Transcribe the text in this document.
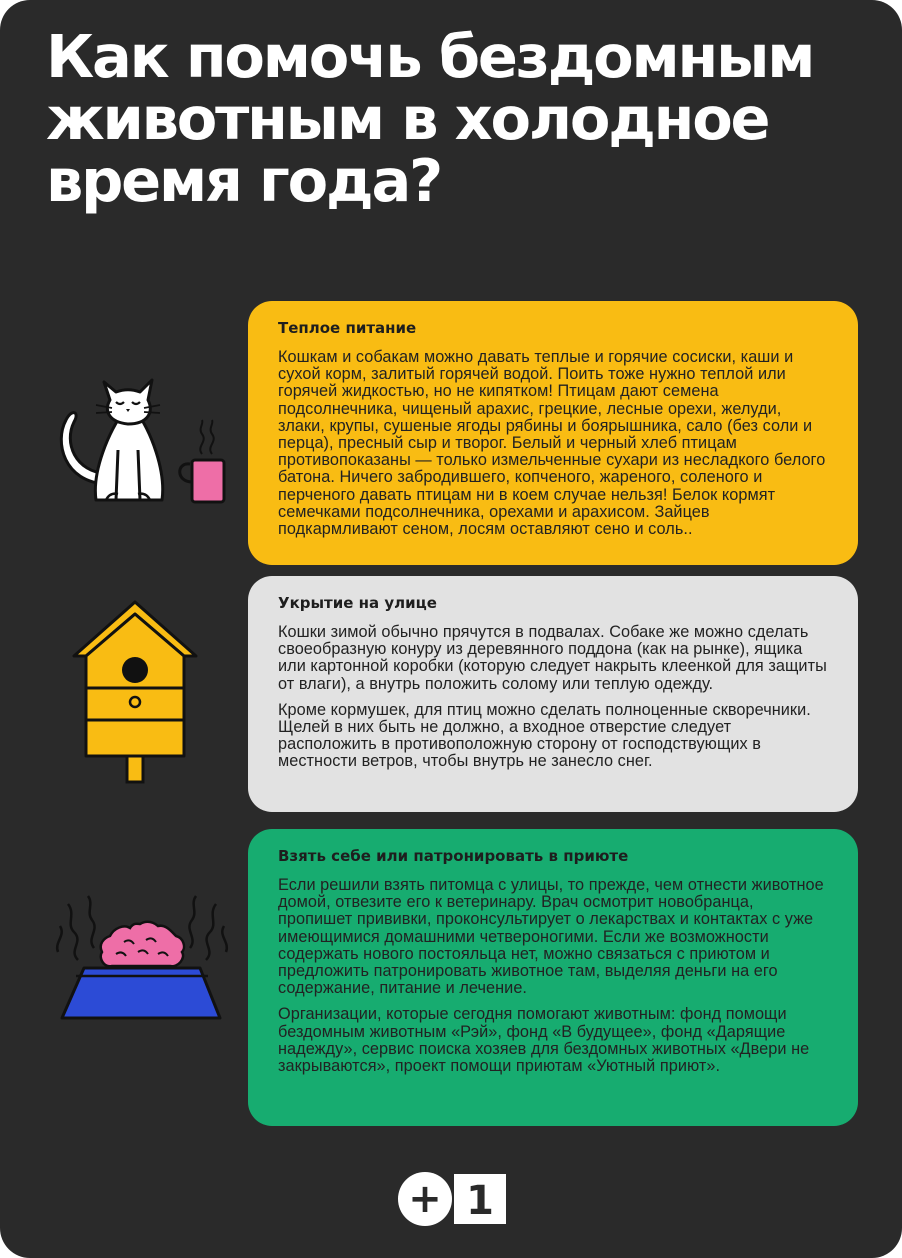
Как помочь бездомным животным в холодное время года?
Теплое питание

Кошкам и собакам можно давать теплые и горячие сосиски, каши и сухой корм, залитый горячей водой. Поить тоже нужно теплой или горячей жидкостью, но не кипятком! Птицам дают семена подсолнечника, чищеный арахис, грецкие, лесные орехи, желуди, злаки, крупы, сушеные ягоды рябины и боярышника, сало (без соли и перца), пресный сыр и творог. Белый и черный хлеб птицам противопоказаны — только измельченные сухари из несладкого белого батона. Ничего забродившего, копченого, жареного, соленого и перченого давать птицам ни в коем случае нельзя! Белок кормят семечками подсолнечника, орехами и арахисом. Зайцев подкармливают сеном, лосям оставляют сено и соль..

Укрытие на улице

Кошки зимой обычно прячутся в подвалах. Собаке же можно сделать своеобразную конуру из деревянного поддона (как на рынке), ящика или картонной коробки (которую следует накрыть клеенкой для защиты от влаги), а внутрь положить солому или теплую одежду.

Кроме кормушек, для птиц можно сделать полноценные скворечники. Щелей в них быть не должно, а входное отверстие следует расположить в противоположную сторону от господствующих в местности ветров, чтобы внутрь не занесло снег.

Взять себе или патронировать в приюте

Если решили взять питомца с улицы, то прежде, чем отнести животное домой, отвезите его к ветеринару. Врач осмотрит новобранца, пропишет прививки, проконсультирует о лекарствах и контактах с уже имеющимися домашними четвероногими. Если же возможности содержать нового постояльца нет, можно связаться с приютом и предложить патронировать животное там, выделяя деньги на его содержание, питание и лечение.

Организации, которые сегодня помогают животным: фонд помощи бездомным животным «Рэй», фонд «В будущее», фонд «Дарящие надежду», сервис поиска хозяев для бездомных животных «Двери не закрываются», проект помощи приютам «Уютный приют».

+ 1
